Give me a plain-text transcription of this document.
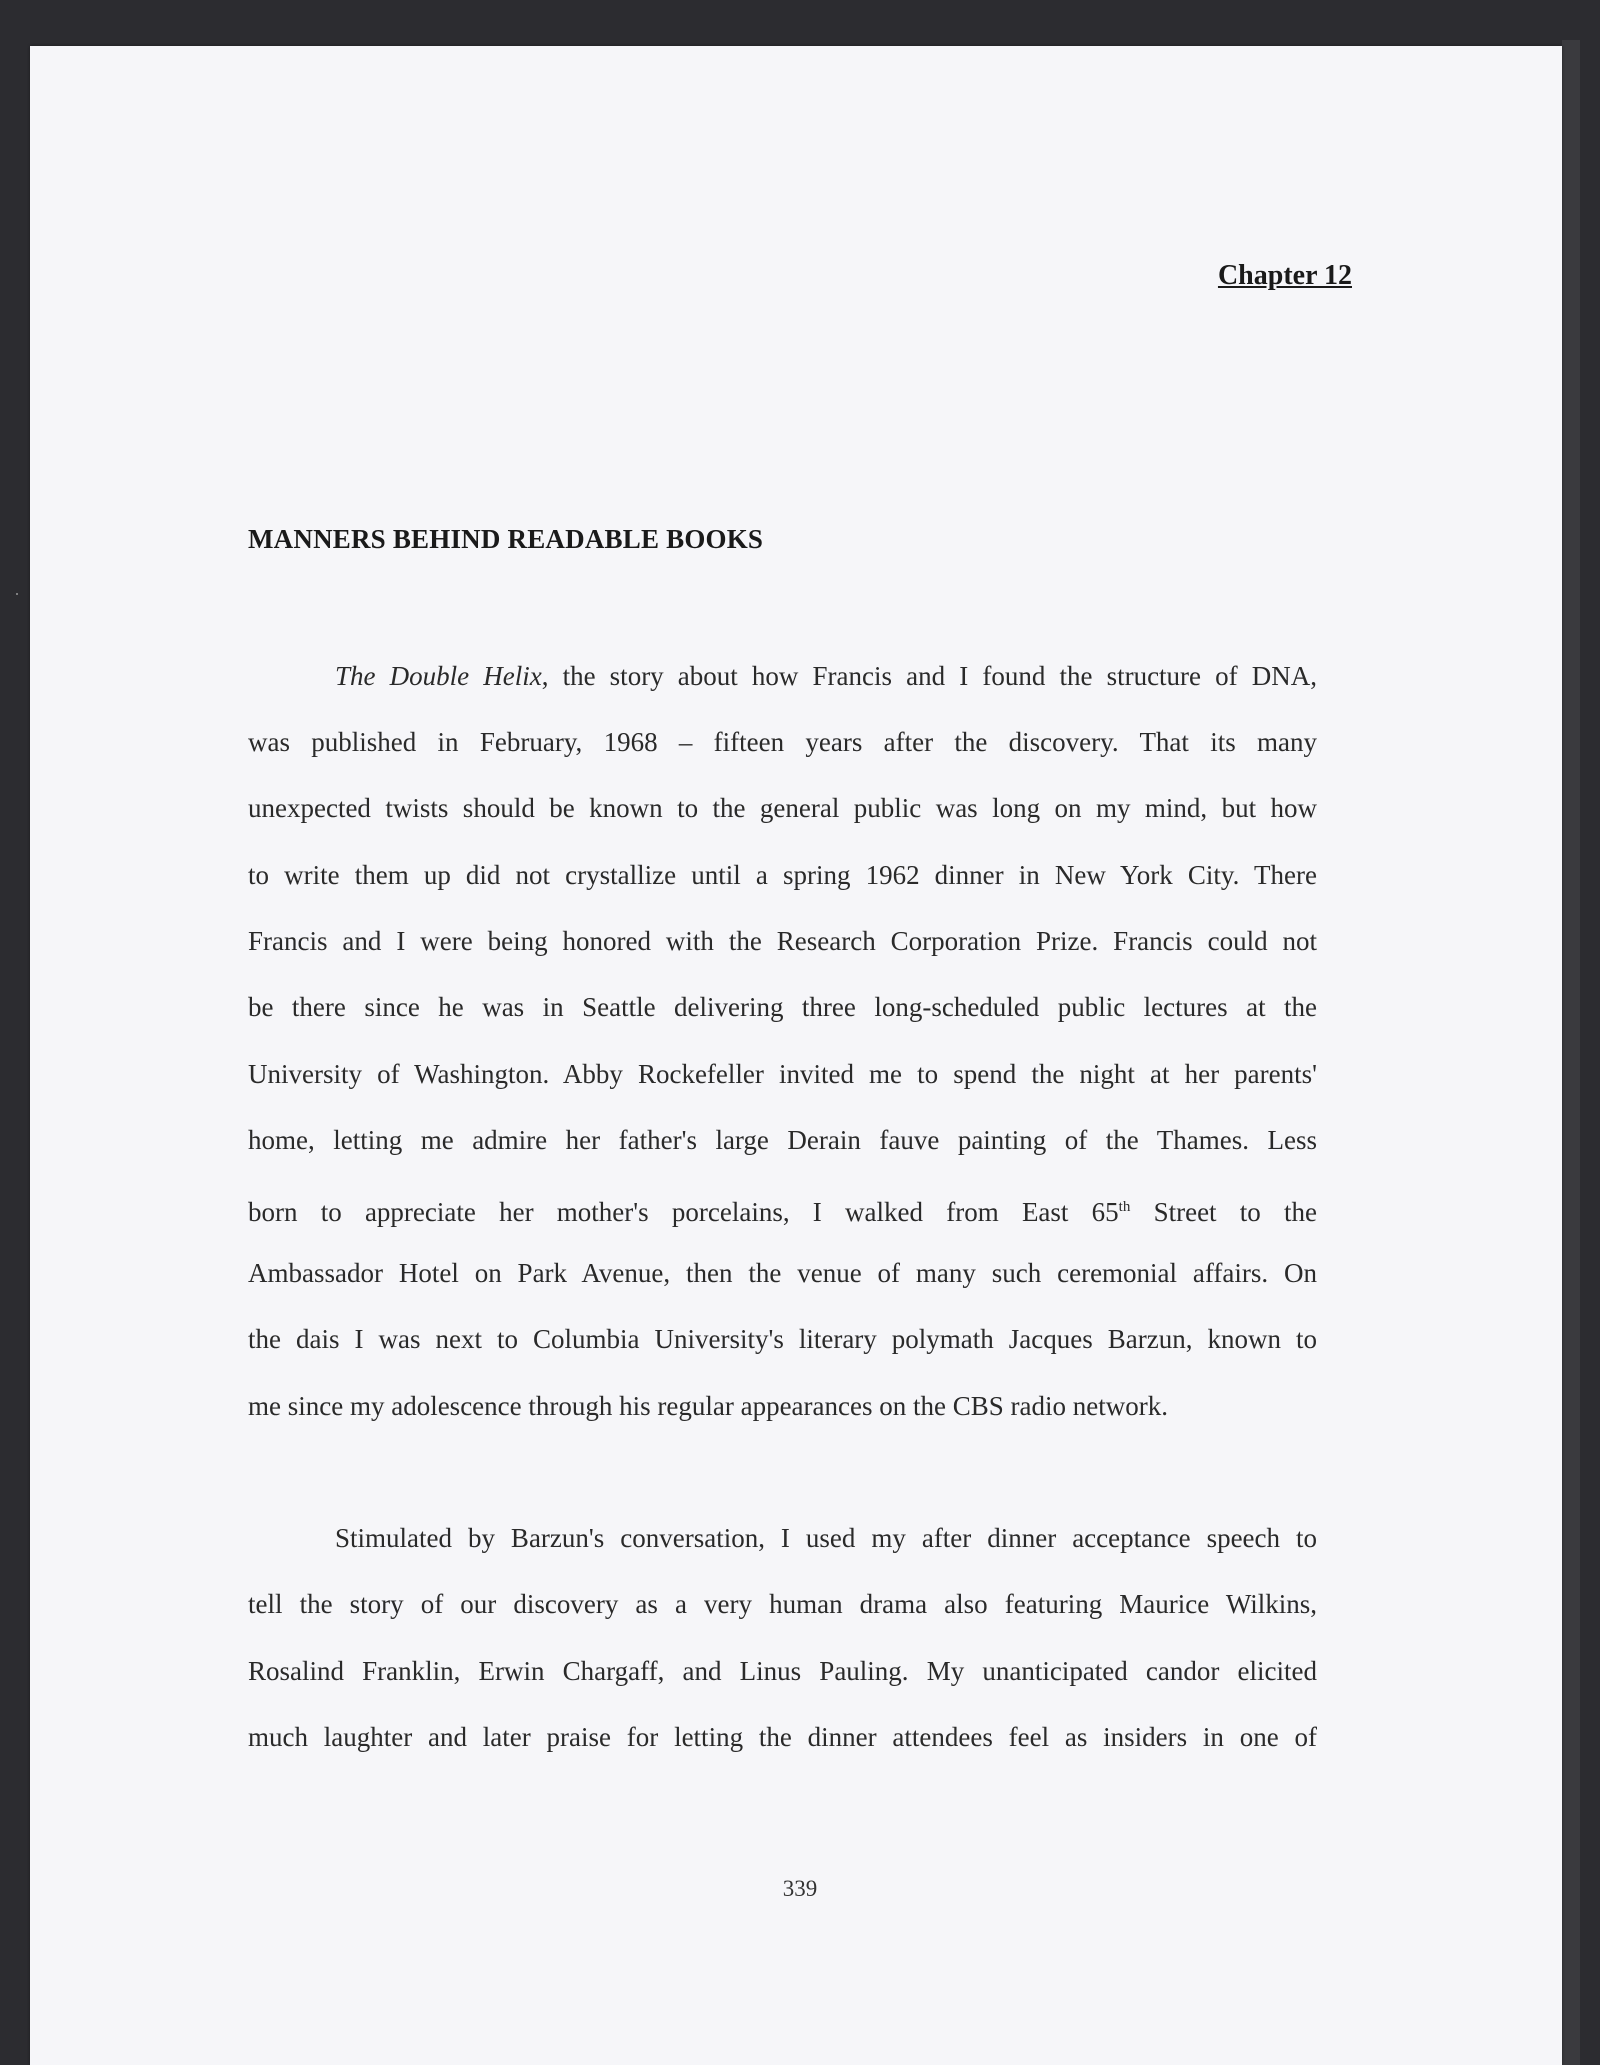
Chapter 12
MANNERS BEHIND READABLE BOOKS
The Double Helix, the story about how Francis and I found the structure of DNA,
was published in February, 1968 – fifteen years after the discovery. That its many
unexpected twists should be known to the general public was long on my mind, but how
to write them up did not crystallize until a spring 1962 dinner in New York City. There
Francis and I were being honored with the Research Corporation Prize. Francis could not
be there since he was in Seattle delivering three long-scheduled public lectures at the
University of Washington. Abby Rockefeller invited me to spend the night at her parents'
home, letting me admire her father's large Derain fauve painting of the Thames. Less
born to appreciate her mother's porcelains, I walked from East 65th Street to the
Ambassador Hotel on Park Avenue, then the venue of many such ceremonial affairs. On
the dais I was next to Columbia University's literary polymath Jacques Barzun, known to
me since my adolescence through his regular appearances on the CBS radio network.
Stimulated by Barzun's conversation, I used my after dinner acceptance speech to
tell the story of our discovery as a very human drama also featuring Maurice Wilkins,
Rosalind Franklin, Erwin Chargaff, and Linus Pauling. My unanticipated candor elicited
much laughter and later praise for letting the dinner attendees feel as insiders in one of
339
